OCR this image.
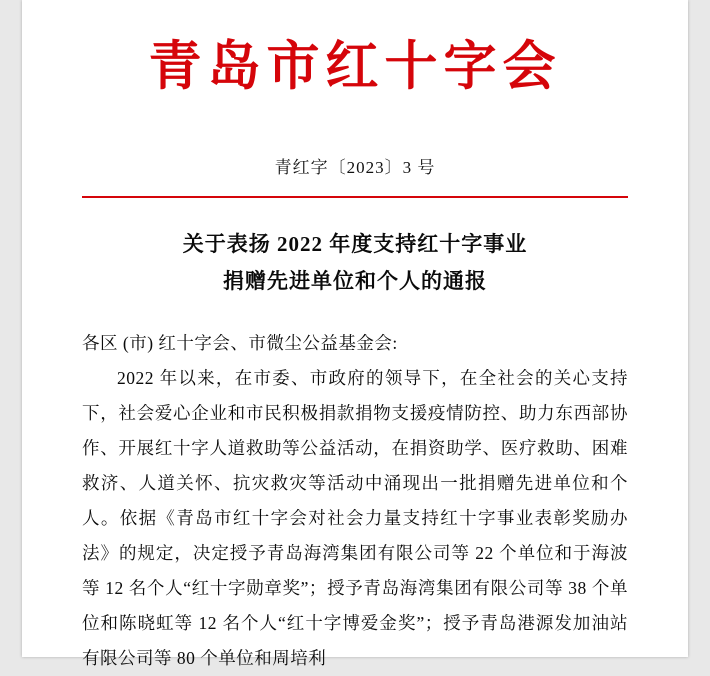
青岛市红十字会
青红字〔2023〕3 号
关于表扬 2022 年度支持红十字事业
捐赠先进单位和个人的通报
各区 (市) 红十字会、市微尘公益基金会:
2022 年以来，在市委、市政府的领导下，在全社会的关心支持下，社会爱心企业和市民积极捐款捐物支援疫情防控、助力东西部协作、开展红十字人道救助等公益活动，在捐资助学、医疗救助、困难救济、人道关怀、抗灾救灾等活动中涌现出一批捐赠先进单位和个人。依据《青岛市红十字会对社会力量支持红十字事业表彰奖励办法》的规定，决定授予青岛海湾集团有限公司等 22 个单位和于海波等 12 名个人“红十字勋章奖”；授予青岛海湾集团有限公司等 38 个单位和陈晓虹等 12 名个人“红十字博爱金奖”；授予青岛港源发加油站有限公司等 80 个单位和周培利
